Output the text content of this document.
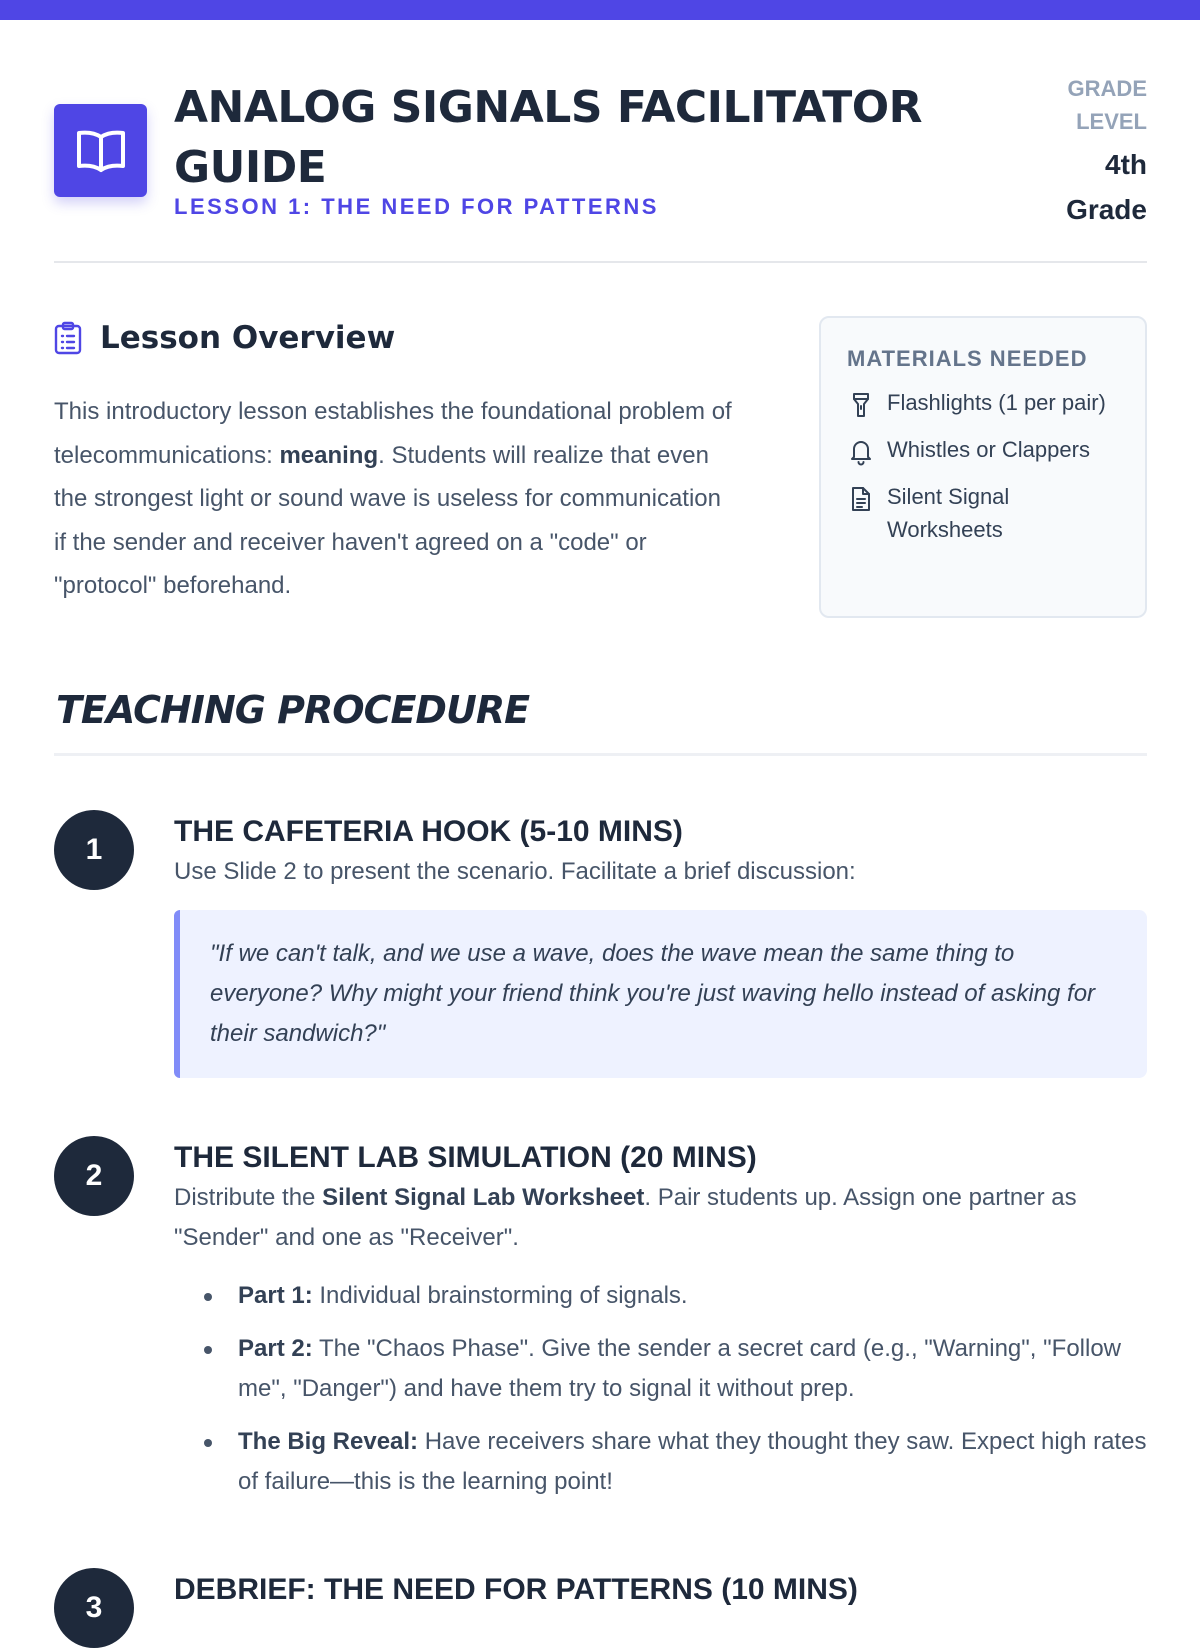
ANALOG SIGNALS FACILITATOR GUIDE
LESSON 1: THE NEED FOR PATTERNS
GRADE LEVEL
4th Grade
Lesson Overview

This introductory lesson establishes the foundational problem of telecommunications: meaning. Students will realize that even the strongest light or sound wave is useless for communication if the sender and receiver haven't agreed on a "code" or "protocol" beforehand.

MATERIALS NEEDED
Flashlights (1 per pair)
Whistles or Clappers
Silent Signal Worksheets
TEACHING PROCEDURE
1
THE CAFETERIA HOOK (5-10 MINS)
Use Slide 2 to present the scenario. Facilitate a brief discussion:
"If we can't talk, and we use a wave, does the wave mean the same thing to everyone? Why might your friend think you're just waving hello instead of asking for their sandwich?"
2
THE SILENT LAB SIMULATION (20 MINS)
Distribute the Silent Signal Lab Worksheet. Pair students up. Assign one partner as "Sender" and one as "Receiver".
Part 1: Individual brainstorming of signals.
Part 2: The "Chaos Phase". Give the sender a secret card (e.g., "Warning", "Follow me", "Danger") and have them try to signal it without prep.
The Big Reveal: Have receivers share what they thought they saw. Expect high rates of failure—this is the learning point!
3
DEBRIEF: THE NEED FOR PATTERNS (10 MINS)
